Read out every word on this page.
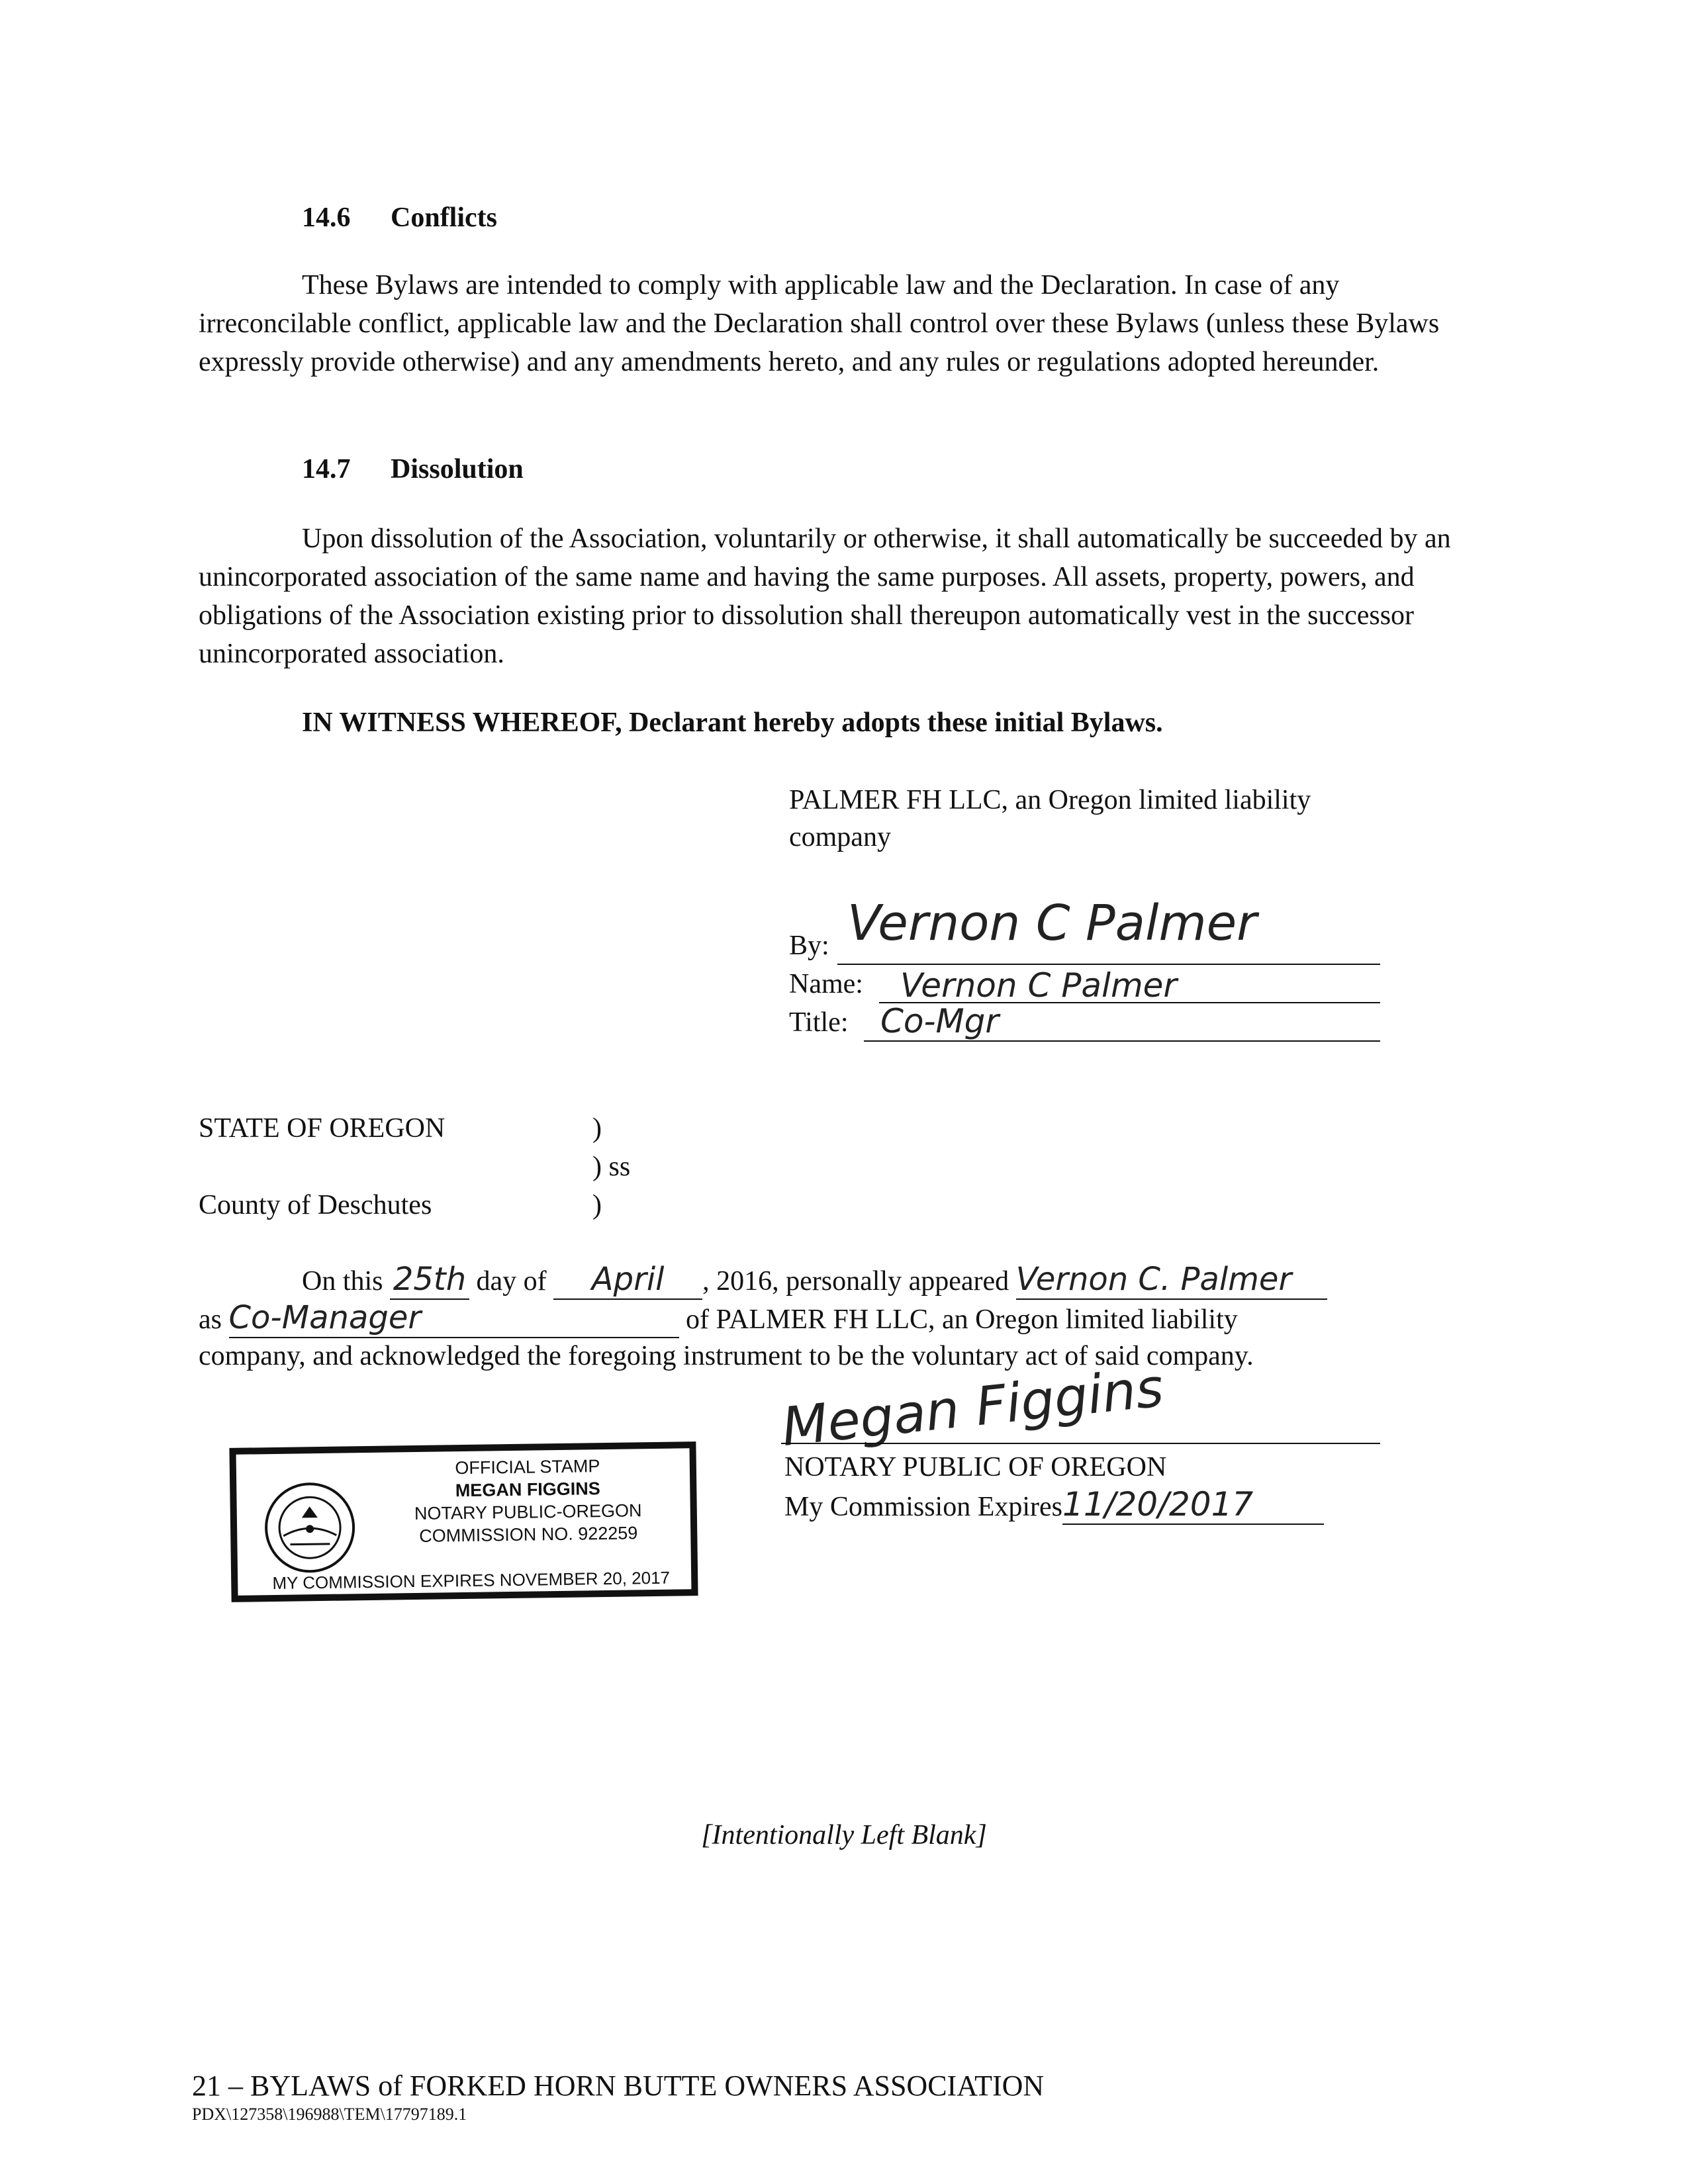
14.6 Conflicts
These Bylaws are intended to comply with applicable law and the Declaration. In case of any irreconcilable conflict, applicable law and the Declaration shall control over these Bylaws (unless these Bylaws expressly provide otherwise) and any amendments hereto, and any rules or regulations adopted hereunder.
14.7 Dissolution
Upon dissolution of the Association, voluntarily or otherwise, it shall automatically be succeeded by an unincorporated association of the same name and having the same purposes. All assets, property, powers, and obligations of the Association existing prior to dissolution shall thereupon automatically vest in the successor unincorporated association.
IN WITNESS WHEREOF, Declarant hereby adopts these initial Bylaws.
PALMER FH LLC, an Oregon limited liability
company
By: Vernon C Palmer
Name: Vernon C Palmer
Title: Co-Mgr
STATE OF OREGON	)
) ss
County of Deschutes	)
On this 25th day of April , 2016, personally appeared Vernon C. Palmer
as Co-Manager	of PALMER FH LLC, an Oregon limited liability
company, and acknowledged the foregoing instrument to be the voluntary act of said company.
Megan Figgins
NOTARY PUBLIC OF OREGON
My Commission Expires11/20/2017
OFFICIAL STAMP
MEGAN FIGGINS
NOTARY PUBLIC-OREGON
COMMISSION NO. 922259
MY COMMISSION EXPIRES NOVEMBER 20, 2017
[Intentionally Left Blank]
21 – BYLAWS of FORKED HORN BUTTE OWNERS ASSOCIATION
PDX\127358\196988\TEM\17797189.1
